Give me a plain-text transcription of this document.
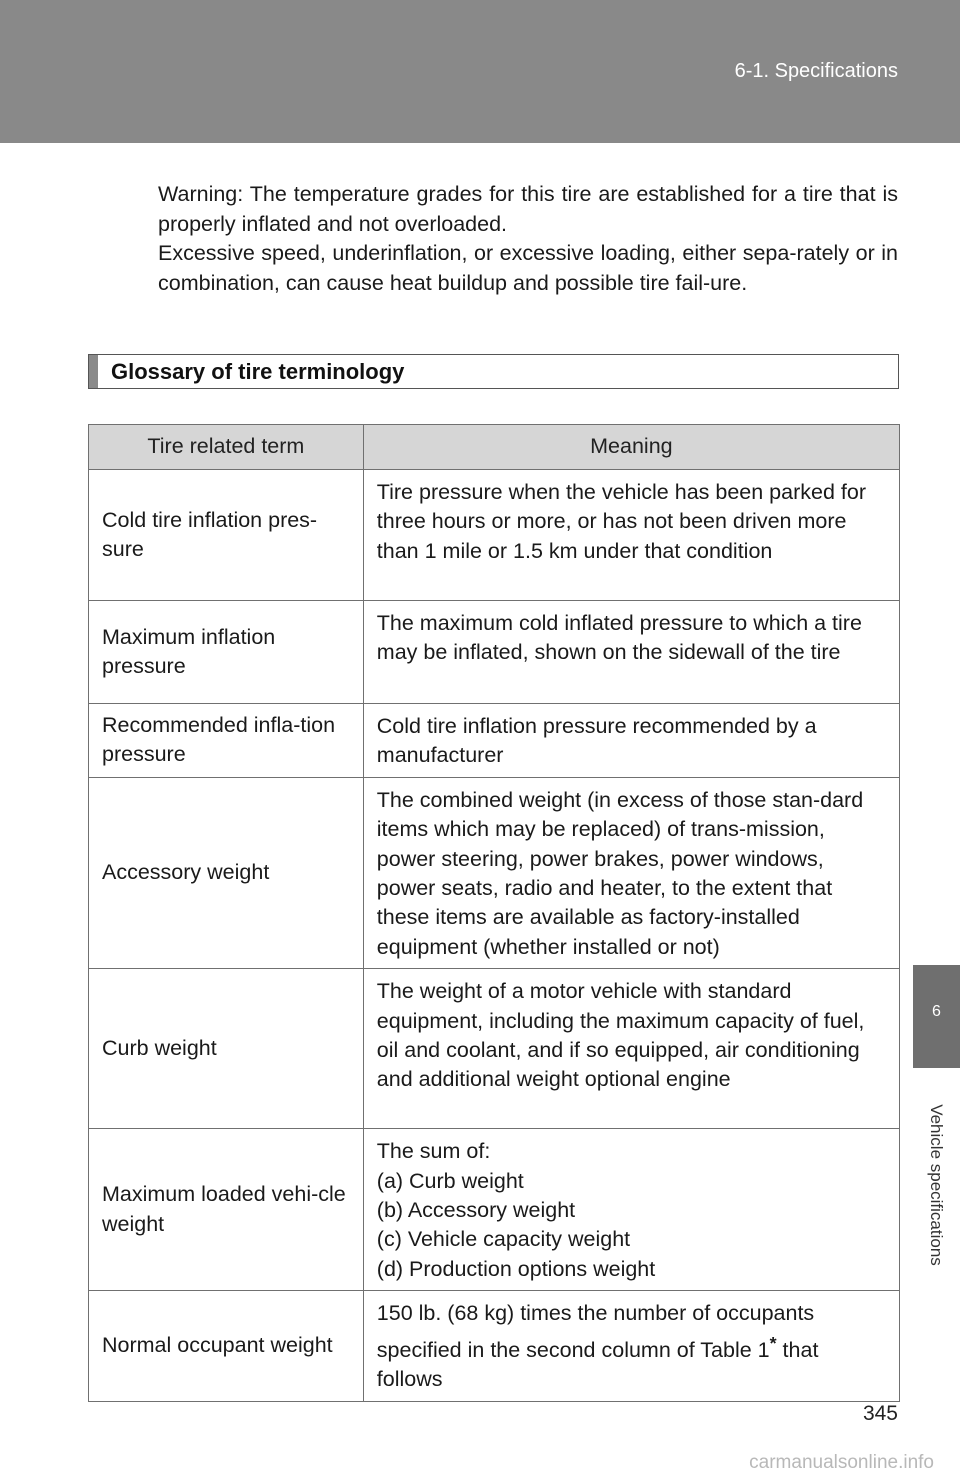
6-1. Specifications
6
Vehicle specifications

Warning: The temperature grades for this tire are established for a tire that is properly inflated and not overloaded.

Excessive speed, underinflation, or excessive loading, either sepa-rately or in combination, can cause heat buildup and possible tire fail-ure.

Glossary of tire terminology
Tire related term	Meaning
Cold tire inflation pres-sure	Tire pressure when the vehicle has been parked for three hours or more, or has not been driven more than 1 mile or 1.5 km under that condition
Maximum inflation pressure	The maximum cold inflated pressure to which a tire may be inflated, shown on the sidewall of the tire
Recommended infla-tion pressure	Cold tire inflation pressure recommended by a manufacturer
Accessory weight	The combined weight (in excess of those stan-dard items which may be replaced) of trans-mission, power steering, power brakes, power windows, power seats, radio and heater, to the extent that these items are available as factory-installed equipment (whether installed or not)
Curb weight	The weight of a motor vehicle with standard equipment, including the maximum capacity of fuel, oil and coolant, and if so equipped, air conditioning and additional weight optional engine
Maximum loaded vehi-cle weight	The sum of:
(a) Curb weight
(b) Accessory weight
(c) Vehicle capacity weight
(d) Production options weight

Normal occupant weight	150 lb. (68 kg) times the number of occupants specified in the second column of Table 1* that follows
345
carmanualsonline.info
